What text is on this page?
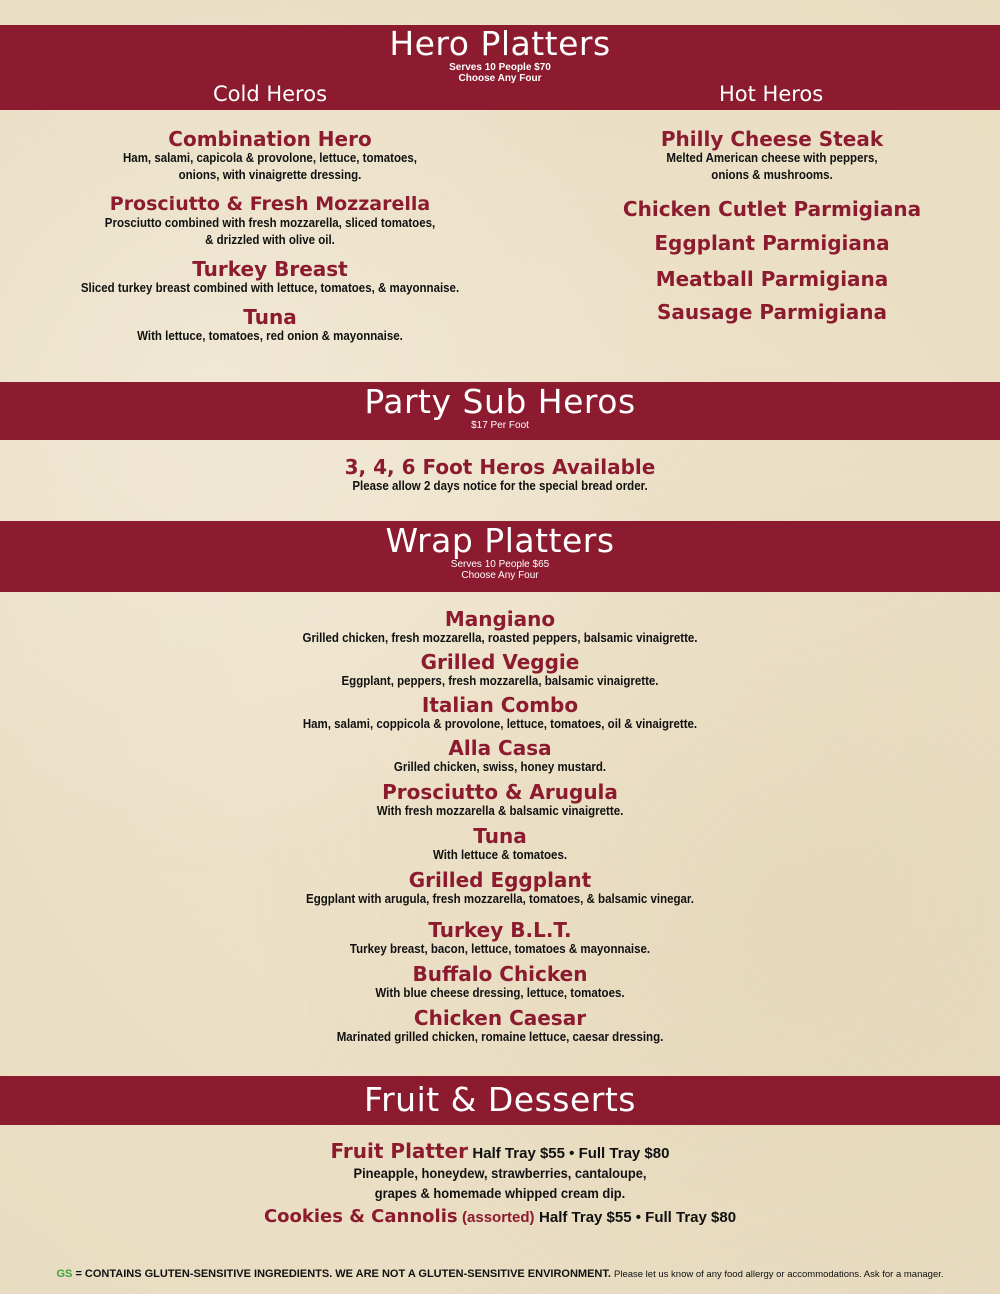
Hero Platters
Serves 10 People $70
Choose Any Four
Cold Heros	Hot Heros
Combination Hero
Ham, salami, capicola & provolone, lettuce, tomatoes,
onions, with vinaigrette dressing.
Prosciutto & Fresh Mozzarella
Prosciutto combined with fresh mozzarella, sliced tomatoes,
& drizzled with olive oil.
Turkey Breast
Sliced turkey breast combined with lettuce, tomatoes, & mayonnaise.
Tuna
With lettuce, tomatoes, red onion & mayonnaise.
Philly Cheese Steak
Melted American cheese with peppers,
onions & mushrooms.
Chicken Cutlet Parmigiana
Eggplant Parmigiana
Meatball Parmigiana
Sausage Parmigiana
Party Sub Heros
$17 Per Foot
3, 4, 6 Foot Heros Available
Please allow 2 days notice for the special bread order.
Wrap Platters
Serves 10 People $65
Choose Any Four
Mangiano
Grilled chicken, fresh mozzarella, roasted peppers, balsamic vinaigrette.
Grilled Veggie
Eggplant, peppers, fresh mozzarella, balsamic vinaigrette.
Italian Combo
Ham, salami, coppicola & provolone, lettuce, tomatoes, oil & vinaigrette.
Alla Casa
Grilled chicken, swiss, honey mustard.
Prosciutto & Arugula
With fresh mozzarella & balsamic vinaigrette.
Tuna
With lettuce & tomatoes.
Grilled Eggplant
Eggplant with arugula, fresh mozzarella, tomatoes, & balsamic vinegar.
Turkey B.L.T.
Turkey breast, bacon, lettuce, tomatoes & mayonnaise.
Buffalo Chicken
With blue cheese dressing, lettuce, tomatoes.
Chicken Caesar
Marinated grilled chicken, romaine lettuce, caesar dressing.
Fruit & Desserts
Fruit Platter Half Tray $55 • Full Tray $80
Pineapple, honeydew, strawberries, cantaloupe,
grapes & homemade whipped cream dip.
Cookies & Cannolis (assorted) Half Tray $55 • Full Tray $80
GS = CONTAINS GLUTEN-SENSITIVE INGREDIENTS. WE ARE NOT A GLUTEN-SENSITIVE ENVIRONMENT. Please let us know of any food allergy or accommodations. Ask for a manager.
